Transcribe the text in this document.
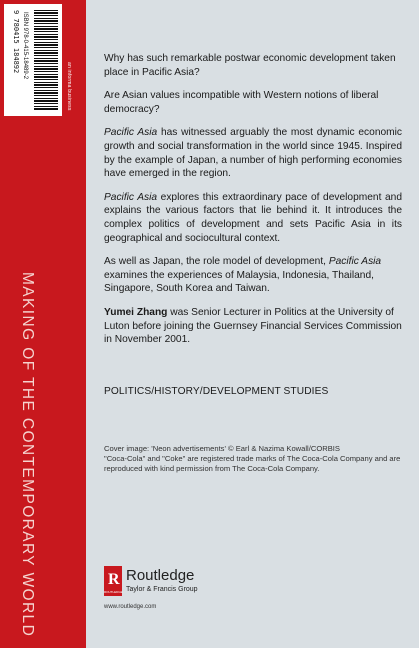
9 780415 184892 ISBN 978-0-415-18489-2
an informa business
MAKING OF THE CONTEMPORARY WORLD

Why has such remarkable postwar economic development taken place in Pacific Asia?

Are Asian values incompatible with Western notions of liberal democracy?

Pacific Asia has witnessed arguably the most dynamic economic growth and social transformation in the world since 1945. Inspired by the example of Japan, a number of high performing economies have emerged in the region.

Pacific Asia explores this extraordinary pace of development and explains the various factors that lie behind it. It introduces the complex politics of development and sets Pacific Asia in its geographical and sociocultural context.

As well as Japan, the role model of development, Pacific Asia examines the experiences of Malaysia, Indonesia, Thailand, Singapore, South Korea and Taiwan.

Yumei Zhang was Senior Lecturer in Politics at the University of Luton before joining the Guernsey Financial Services Commission in November 2001.

POLITICS/HISTORY/DEVELOPMENT STUDIES

Cover image: 'Neon advertisements' © Earl & Nazima Kowall/CORBIS

"Coca-Cola" and "Coke" are registered trade marks of The Coca-Cola Company and are reproduced with kind permission from The Coca-Cola Company.

R
ROUTLEDGE
Routledge
Taylor & Francis Group
www.routledge.com
